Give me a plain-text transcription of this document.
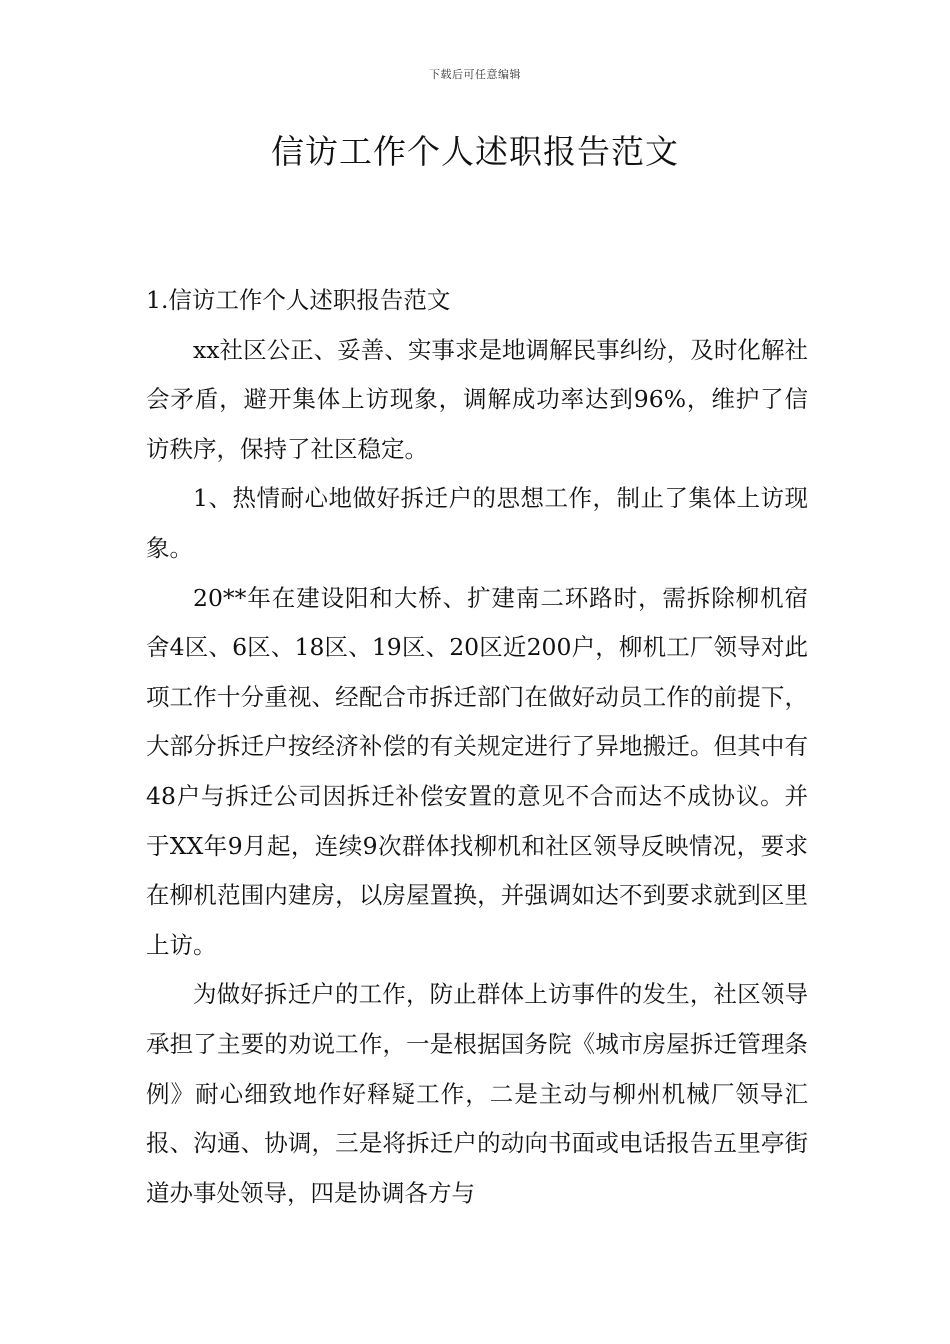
下载后可任意编辑
信访工作个人述职报告范文

1.信访工作个人述职报告范文

xx社区公正、妥善、实事求是地调解民事纠纷，及时化解社会矛盾，避开集体上访现象，调解成功率达到96%，维护了信访秩序，保持了社区稳定。

1、热情耐心地做好拆迁户的思想工作，制止了集体上访现象。

20**年在建设阳和大桥、扩建南二环路时，需拆除柳机宿舍4区、6区、18区、19区、20区近200户，柳机工厂领导对此项工作十分重视、经配合市拆迁部门在做好动员工作的前提下，大部分拆迁户按经济补偿的有关规定进行了异地搬迁。但其中有48户与拆迁公司因拆迁补偿安置的意见不合而达不成协议。并于XX年9月起，连续9次群体找柳机和社区领导反映情况，要求在柳机范围内建房，以房屋置换，并强调如达不到要求就到区里上访。

为做好拆迁户的工作，防止群体上访事件的发生，社区领导承担了主要的劝说工作，一是根据国务院《城市房屋拆迁管理条例》耐心细致地作好释疑工作，二是主动与柳州机械厂领导汇报、沟通、协调，三是将拆迁户的动向书面或电话报告五里亭街道办事处领导，四是协调各方与
